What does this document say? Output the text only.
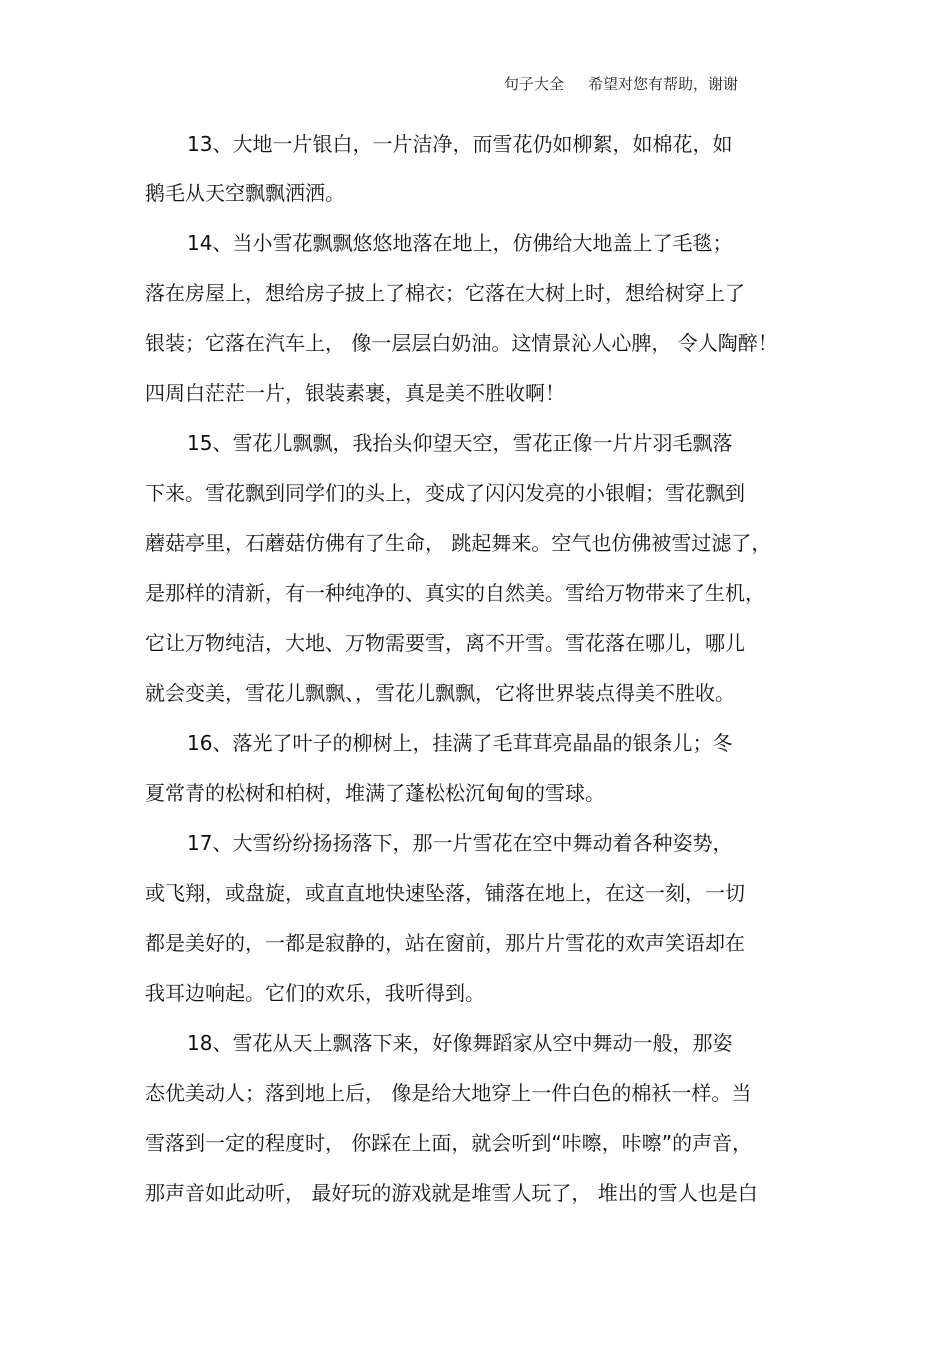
句子大全 希望对您有帮助，谢谢
13、大地一片银白，一片洁净，而雪花仍如柳絮，如棉花，如
鹅毛从天空飘飘洒洒。
14、当小雪花飘飘悠悠地落在地上，仿佛给大地盖上了毛毯；
落在房屋上，想给房子披上了棉衣；它落在大树上时，想给树穿上了
银装；它落在汽车上， 像一层层白奶油。这情景沁人心脾， 令人陶醉！
四周白茫茫一片，银装素裹，真是美不胜收啊！
15、雪花儿飘飘，我抬头仰望天空，雪花正像一片片羽毛飘落
下来。雪花飘到同学们的头上，变成了闪闪发亮的小银帽；雪花飘到
蘑菇亭里，石蘑菇仿佛有了生命， 跳起舞来。空气也仿佛被雪过滤了，
是那样的清新，有一种纯净的、真实的自然美。雪给万物带来了生机，
它让万物纯洁，大地、万物需要雪，离不开雪。雪花落在哪儿，哪儿
就会变美，雪花儿飘飘、，雪花儿飘飘，它将世界装点得美不胜收。
16、落光了叶子的柳树上，挂满了毛茸茸亮晶晶的银条儿；冬
夏常青的松树和柏树，堆满了蓬松松沉甸甸的雪球。
17、大雪纷纷扬扬落下，那一片雪花在空中舞动着各种姿势，
或飞翔，或盘旋，或直直地快速坠落，铺落在地上，在这一刻，一切
都是美好的，一都是寂静的，站在窗前，那片片雪花的欢声笑语却在
我耳边响起。它们的欢乐，我听得到。
18、雪花从天上飘落下来，好像舞蹈家从空中舞动一般，那姿
态优美动人；落到地上后， 像是给大地穿上一件白色的棉袄一样。当
雪落到一定的程度时， 你踩在上面，就会听到“咔嚓，咔嚓”的声音，
那声音如此动听， 最好玩的游戏就是堆雪人玩了， 堆出的雪人也是白
